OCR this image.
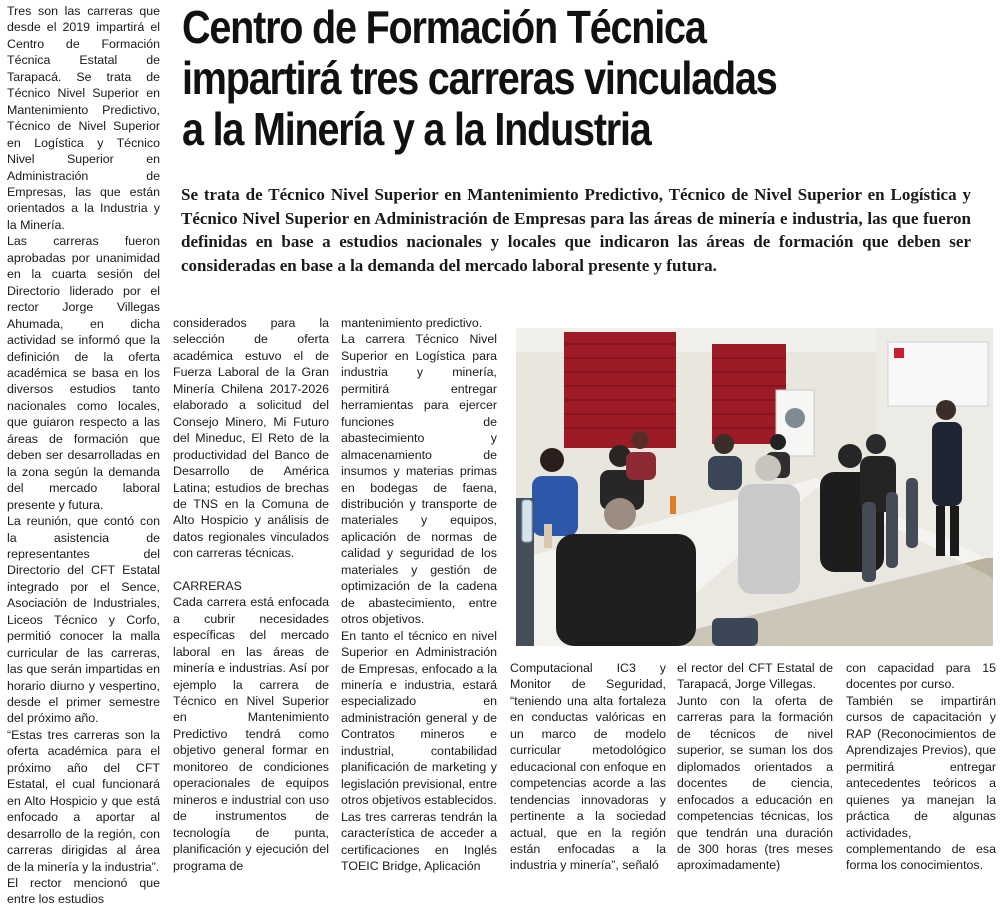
Tres son las carreras que desde el 2019 impartirá el Centro de Formación Técnica Estatal de Tarapacá. Se trata de Técnico Nivel Superior en Mantenimiento Predictivo, Técnico de Nivel Superior en Logística y Técnico Nivel Superior en Administración de Empresas, las que están orientados a la Industria y la Minería.

Las carreras fueron aprobadas por unanimidad en la cuarta sesión del Directorio liderado por el rector Jorge Villegas Ahumada, en dicha actividad se informó que la definición de la oferta académica se basa en los diversos estudios tanto nacionales como locales, que guiaron respecto a las áreas de formación que deben ser desarrolladas en la zona según la demanda del mercado laboral presente y futura.

La reunión, que contó con la asistencia de representantes del Directorio del CFT Estatal integrado por el Sence, Asociación de Industriales, Liceos Técnico y Corfo, permitió conocer la malla curricular de las carreras, las que serán impartidas en horario diurno y vespertino, desde el primer semestre del próximo año.

“Estas tres carreras son la oferta académica para el próximo año del CFT Estatal, el cual funcionará en Alto Hospicio y que está enfocado a aportar al desarrollo de la región, con carreras dirigidas al área de la minería y la industria”.

El rector mencionó que entre los estudios

Centro de Formación Técnica
impartirá tres carreras vinculadas
a la Minería y a la Industria
Se trata de Técnico Nivel Superior en Mantenimiento Predictivo, Técnico de Nivel Superior en Logística y Técnico Nivel Superior en Administración de Empresas para las áreas de minería e industria, las que fueron definidas en base a estudios nacionales y locales que indicaron las áreas de formación que deben ser consideradas en base a la demanda del mercado laboral presente y futura.

considerados para la selección de oferta académica estuvo el de Fuerza Laboral de la Gran Minería Chilena 2017-2026 elaborado a solicitud del Consejo Minero, Mi Futuro del Mineduc, El Reto de la productividad del Banco de Desarrollo de América Latina; estudios de brechas de TNS en la Comuna de Alto Hospicio y análisis de datos regionales vinculados con carreras técnicas.

CARRERAS

Cada carrera está enfocada a cubrir necesidades específicas del mercado laboral en las áreas de minería e industrias. Así por ejemplo la carrera de Técnico en Nivel Superior en Mantenimiento Predictivo tendrá como objetivo general formar en monitoreo de condiciones operacionales de equipos mineros e industrial con uso de instrumentos de tecnología de punta, planificación y ejecución del programa de

mantenimiento predictivo.

La carrera Técnico Nivel Superior en Logística para industria y minería, permitirá entregar herramientas para ejercer funciones de abastecimiento y almacenamiento de insumos y materias primas en bodegas de faena, distribución y transporte de materiales y equipos, aplicación de normas de calidad y seguridad de los materiales y gestión de optimización de la cadena de abastecimiento, entre otros objetivos.

En tanto el técnico en nivel Superior en Administración de Empresas, enfocado a la minería e industria, estará especializado en administración general y de Contratos mineros e industrial, contabilidad planificación de marketing y legislación previsional, entre otros objetivos establecidos.

Las tres carreras tendrán la característica de acceder a certificaciones en Inglés TOEIC Bridge, Aplicación

Computacional IC3 y Monitor de Seguridad, “teniendo una alta fortaleza en conductas valóricas en un marco de modelo curricular metodológico educacional con enfoque en competencias acorde a las tendencias innovadoras y pertinente a la sociedad actual, que en la región están enfocadas a la industria y minería”, señaló

el rector del CFT Estatal de Tarapacá, Jorge Villegas.

Junto con la oferta de carreras para la formación de técnicos de nivel superior, se suman los dos diplomados orientados a docentes de ciencia, enfocados a educación en competencias técnicas, los que tendrán una duración de 300 horas (tres meses aproximadamente)

con capacidad para 15 docentes por curso.

También se impartirán cursos de capacitación y RAP (Reconocimientos de Aprendizajes Previos), que permitirá entregar antecedentes teóricos a quienes ya manejan la práctica de algunas actividades, complementando de esa forma los conocimientos.
